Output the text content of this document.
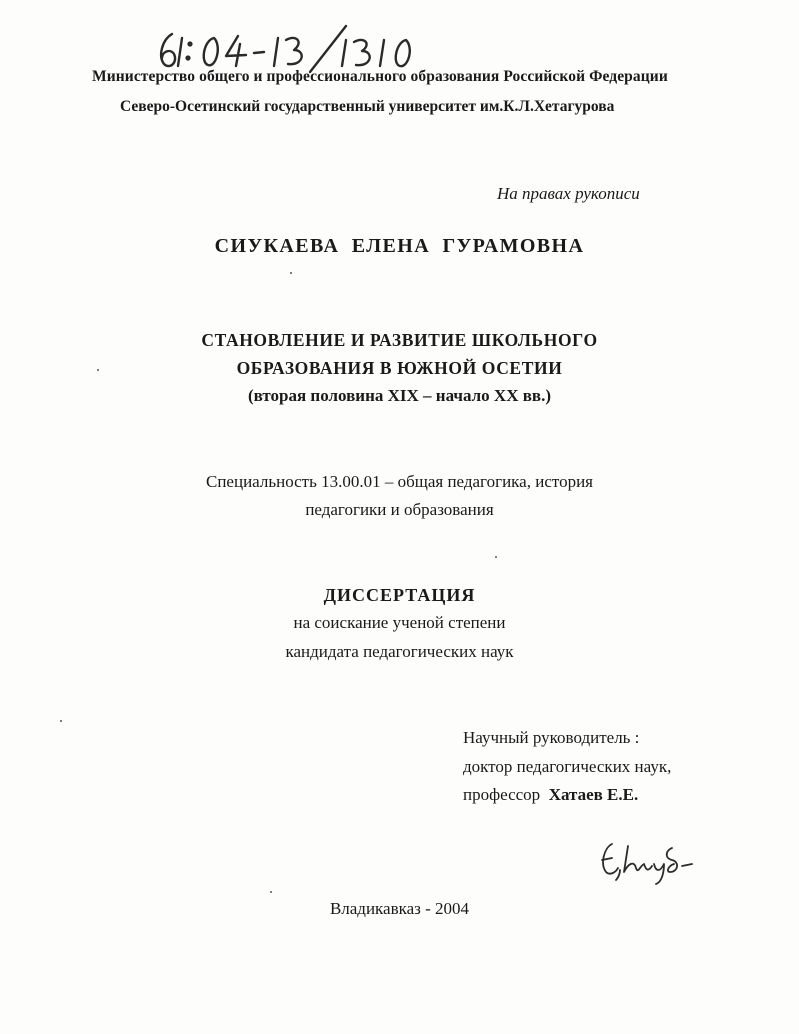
Министерство общего и профессионального образования Российской Федерации
Северо-Осетинский государственный университет им.К.Л.Хетагурова
На правах рукописи
СИУКАЕВА ЕЛЕНА ГУРАМОВНА
СТАНОВЛЕНИЕ И РАЗВИТИЕ ШКОЛЬНОГО
ОБРАЗОВАНИЯ В ЮЖНОЙ ОСЕТИИ
(вторая половина XIX – начало XX вв.)
Специальность 13.00.01 – общая педагогика, история
педагогики и образования
ДИССЕРТАЦИЯ
на соискание ученой степени
кандидата педагогических наук
Научный руководитель :
доктор педагогических наук,
профессор Хатаев Е.Е.
Владикавказ - 2004
